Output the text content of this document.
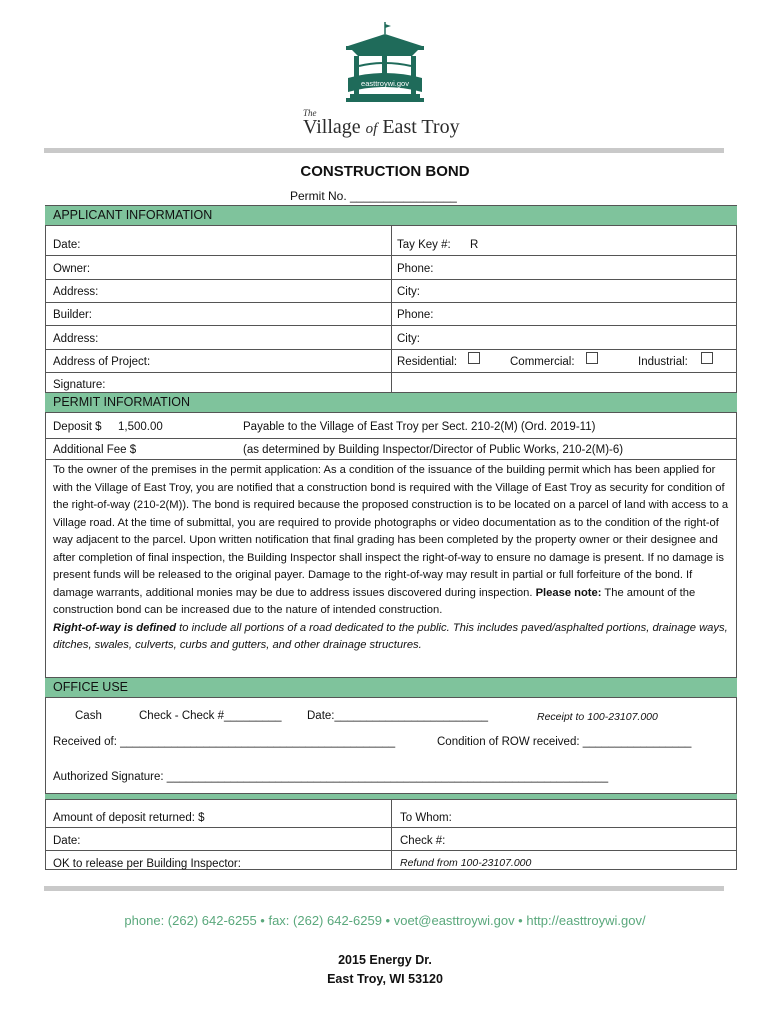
easttroywi.gov
The
Village of East Troy
CONSTRUCTION BOND
Permit No. ________________
APPLICANT INFORMATION
Date:	Tay Key #: R
Owner:	Phone:
Address:	City:
Builder:	Phone:
Address:	City:
Address of Project:	Residential:	Commercial:	Industrial:
Signature:
PERMIT INFORMATION
Deposit $ 1,500.00	Payable to the Village of East Troy per Sect. 210-2(M) (Ord. 2019-11)
Additional Fee $	(as determined by Building Inspector/Director of Public Works, 210-2(M)-6)
To the owner of the premises in the permit application: As a condition of the issuance of the building permit which has been applied for with the Village of East Troy, you are notified that a construction bond is required with the Village of East Troy as security for condition of the right-of-way (210-2(M)). The bond is required because the proposed construction is to be located on a parcel of land with access to a Village road. At the time of submittal, you are required to provide photographs or video documentation as to the condition of the right-of way adjacent to the parcel. Upon written notification that final grading has been completed by the property owner or their designee and after completion of final inspection, the Building Inspector shall inspect the right-of-way to ensure no damage is present. If no damage is present funds will be released to the original payer. Damage to the right-of-way may result in partial or full forfeiture of the bond. If damage warrants, additional monies may be due to address issues discovered during inspection. Please note: The amount of the construction bond can be increased due to the nature of intended construction.
Right-of-way is defined to include all portions of a road dedicated to the public. This includes paved/asphalted portions, drainage ways, ditches, swales, culverts, curbs and gutters, and other drainage structures.
OFFICE USE
Cash	Check - Check #_________ Date:________________________	Receipt to 100-23107.000
Received of: ___________________________________________	Condition of ROW received: _________________
Authorized Signature: _____________________________________________________________________
Amount of deposit returned: $	To Whom:
Date:	Check #:
OK to release per Building Inspector:	Refund from 100-23107.000
phone: (262) 642-6255 • fax: (262) 642-6259 • voet@easttroywi.gov • http://easttroywi.gov/
2015 Energy Dr.
East Troy, WI 53120
